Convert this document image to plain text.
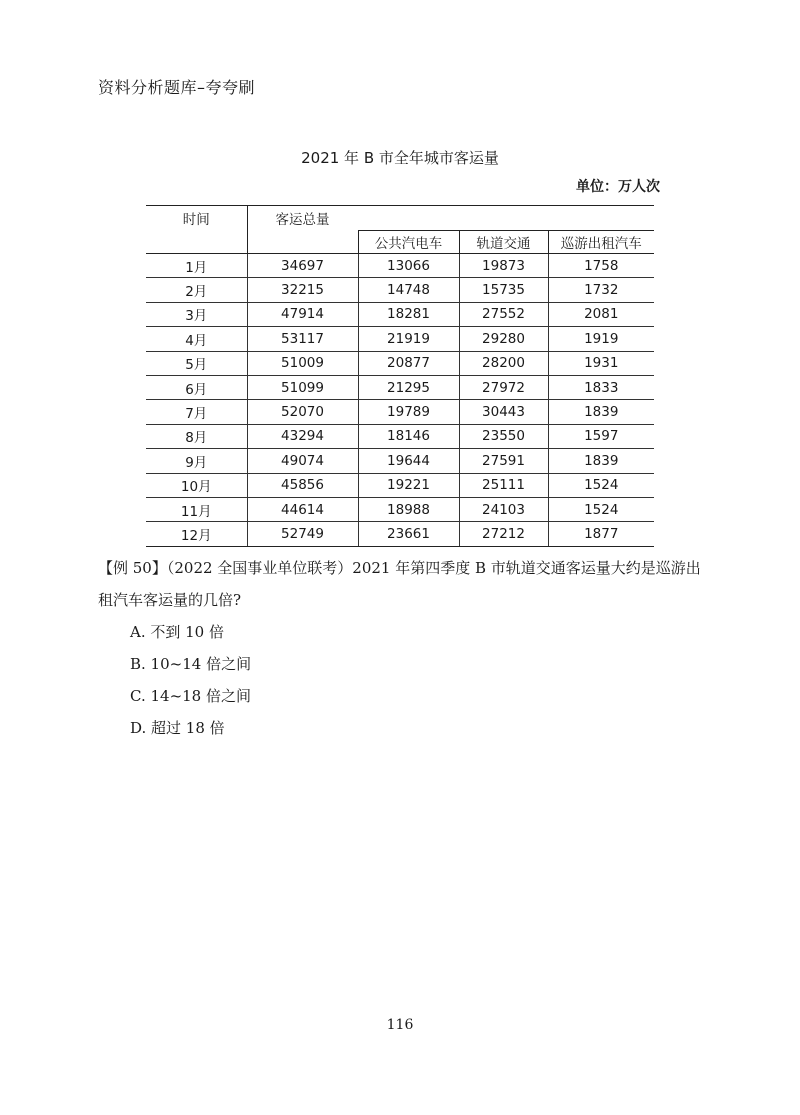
资料分析题库–夸夸刷
2021 年 B 市全年城市客运量
单位：万人次
时间	客运总量			
		公共汽电车	轨道交通	巡游出租汽车
1月	34697	13066	19873	1758
2月	32215	14748	15735	1732
3月	47914	18281	27552	2081
4月	53117	21919	29280	1919
5月	51009	20877	28200	1931
6月	51099	21295	27972	1833
7月	52070	19789	30443	1839
8月	43294	18146	23550	1597
9月	49074	19644	27591	1839
10月	45856	19221	25111	1524
11月	44614	18988	24103	1524
12月	52749	23661	27212	1877

【例 50】（2022 全国事业单位联考）2021 年第四季度 B 市轨道交通客运量大约是巡游出租汽车客运量的几倍?

A. 不到 10 倍
B. 10~14 倍之间
C. 14~18 倍之间
D. 超过 18 倍
116
